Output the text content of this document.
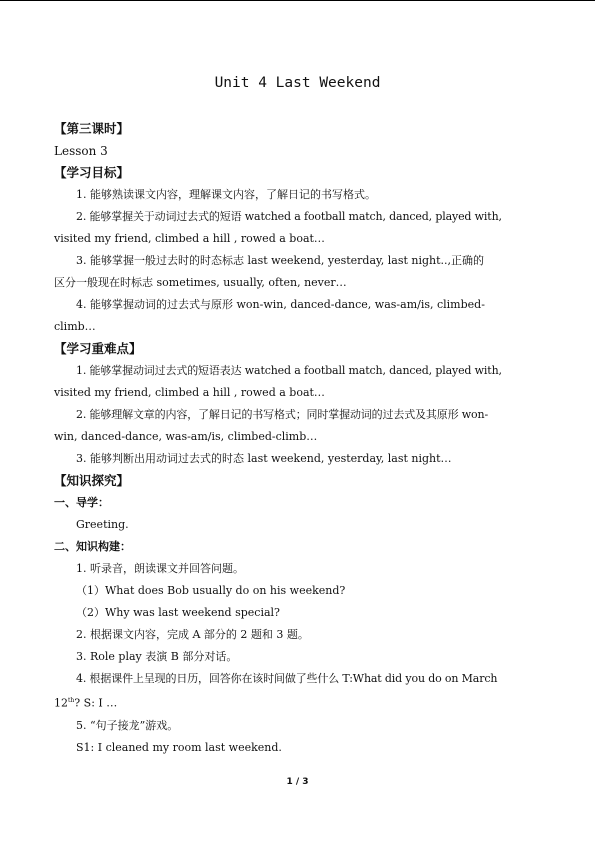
Unit 4 Last Weekend
【第三课时】
Lesson 3
【学习目标】
1. 能够熟读课文内容，理解课文内容，了解日记的书写格式。
2. 能够掌握关于动词过去式的短语 watched a football match, danced, played with,
visited my friend, climbed a hill , rowed a boat…
3. 能够掌握一般过去时的时态标志 last weekend, yesterday, last night..,正确的
区分一般现在时标志 sometimes, usually, often, never…
4. 能够掌握动词的过去式与原形 won-win, danced-dance, was-am/is, climbed-
climb…
【学习重难点】
1. 能够掌握动词过去式的短语表达 watched a football match, danced, played with,
visited my friend, climbed a hill , rowed a boat…
2. 能够理解文章的内容，了解日记的书写格式；同时掌握动词的过去式及其原形 won-
win, danced-dance, was-am/is, climbed-climb…
3. 能够判断出用动词过去式的时态 last weekend, yesterday, last night…
【知识探究】
一、导学：
Greeting.
二、知识构建：
1. 听录音，朗读课文并回答问题。
（1）What does Bob usually do on his weekend?
（2）Why was last weekend special?
2. 根据课文内容，完成 A 部分的 2 题和 3 题。
3. Role play 表演 B 部分对话。
4. 根据课件上呈现的日历，回答你在该时间做了些什么 T:What did you do on March
12th? S: I …
5. “句子接龙”游戏。
S1: I cleaned my room last weekend.
1 / 3
